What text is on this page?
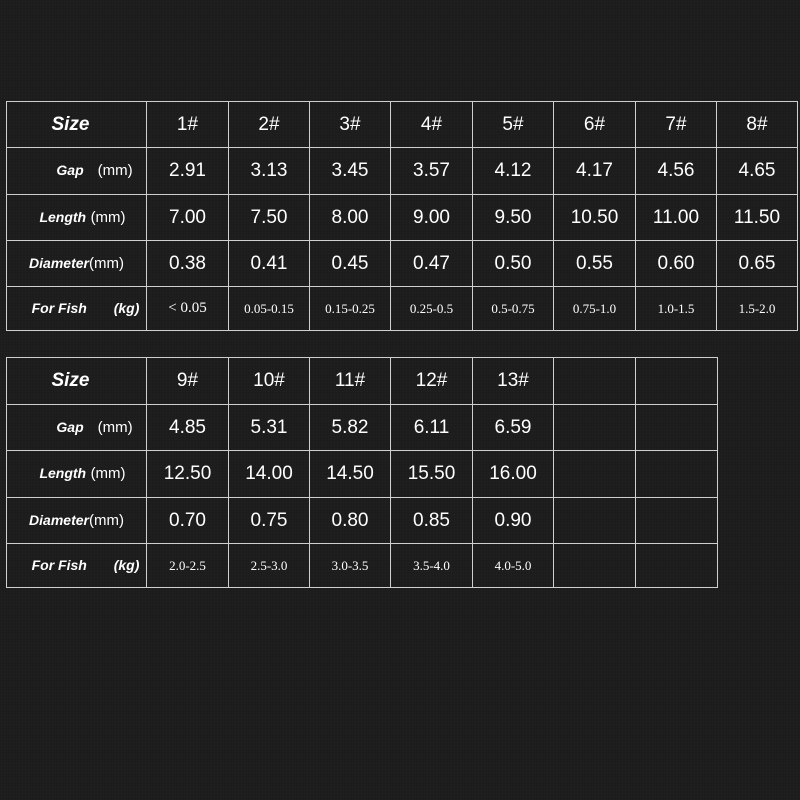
Size	1#	2#	3#	4#	5#	6#	7#	8#
Gap (mm)	2.91	3.13	3.45	3.57	4.12	4.17	4.56	4.65
Length (mm)	7.00	7.50	8.00	9.00	9.50	10.50	11.00	11.50
Diameter(mm)	0.38	0.41	0.45	0.47	0.50	0.55	0.60	0.65
For Fish (kg)	< 0.05	0.05-0.15	0.15-0.25	0.25-0.5	0.5-0.75	0.75-1.0	1.0-1.5	1.5-2.0
Size	9#	10#	11#	12#	13#		
Gap (mm)	4.85	5.31	5.82	6.11	6.59		
Length (mm)	12.50	14.00	14.50	15.50	16.00		
Diameter(mm)	0.70	0.75	0.80	0.85	0.90		
For Fish (kg)	2.0-2.5	2.5-3.0	3.0-3.5	3.5-4.0	4.0-5.0		
